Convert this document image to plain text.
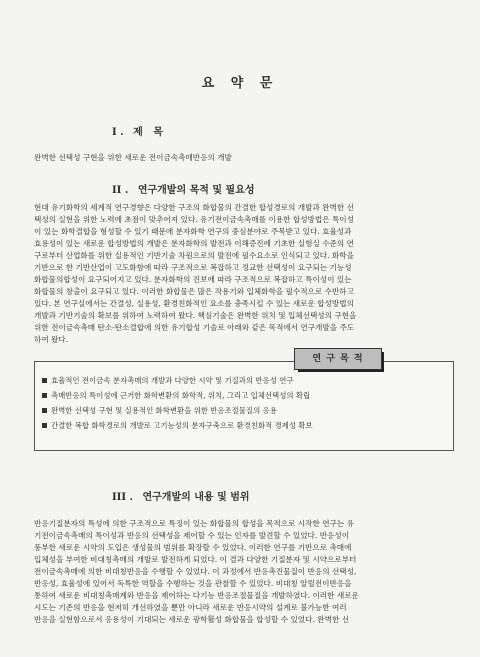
요 약 문
I . 제   목
완벽한 선택성 구현을 위한 새로운 전이금속촉매반응의 개발
II . 연구개발의 목적 및 필요성
현대 유기화학의 세계적 연구경향은 다양한 구조의 화합물의 간결한 합성경로의 개발과 완벽한 선
택성의 실현을 위한 노력에 초점이 맞추어져 있다. 유기전이금속촉매를 이용한 합성방법은 특이성
이 있는 화학결합을 형성할 수 있기 때문에 분자화학 연구의 중심분야로 주목받고 있다. 효율성과
효용성이 있는 새로운 합성방법의 개발은 분자화학의 발전과 이해증진에 기초한 실험실 수준의 연
구로부터 산업화를 위한 실용적인 기반기술 차원으로의 발전에 필수요소로 인식되고 있다. 화학을
기반으로 한 기반산업이 고도화함에 따라 구조적으로 복잡하고 정교한 선택성이 요구되는 기능성
화합물의합성이 요구되어지고 있다. 분자화학의 진보에 따라 구조적으로 복잡하고 특이성이 있는
화합물의 창출이 요구되고 있다. 이러한 화합물은 많은 작용기와 입체화학을 필수적으로 수반하고
있다. 본 연구실에서는 간결성, 실용성, 환경친화적인 요소를 충족시킬 수 있는 새로운 합성방법의
개발과 기반기술의 확보를 위하여 노력하여 왔다. 핵심기술은 완벽한 위치 및 입체선택성의 구현을
위한 전이금속촉매 탄소-탄소결합에 의한 유기합성 기술로 아래와 같은 목적에서 연구개발을 주도
하여 왔다.
연 구 목 적
효율적인 전이금속 분자촉매의 개발과 다양한 시약 및 기질과의 반응성 연구
촉매반응의 특이성에 근거한 화학변환의 화학적, 위치, 그리고 입체선택성의 확립
완벽한 선택성 구현 및 실용적인 화학변환을 위한 반응조절물질의 응용
간결한 복합 화학경로의 개발로 고기능성의 분자구축으로 환경친화적 경제성 확보
III . 연구개발의 내용 및 범위
반응기질분자의 특성에 의한 구조적으로 특징이 있는 화합물의 합성을 목적으로 시작한 연구는 유
기전이금속촉매의 특이성과 반응의 선택성을 제어할 수 있는 인자를 발견할 수 있었다. 반응성이
풍부한 새로운 시약의 도입은 생성물의 범위를 확장할 수 있었다. 이러한 연구를 기반으로 촉매에
입체성을 부여한 비대칭촉매의 개발로 발전하게 되었다. 이 결과 다양한 기질분자 및 시약으로부터
전이금속촉매에 의한 비대칭반응을 수행할 수 있었다. 이 과정에서 반응촉진물질이 반응의 선택성,
반응성, 효율성에 있어서 독특한 역할을 수행하는 것을 관찰할 수 있었다. 비대칭 알릴전이반응을
통하여 새로운 비대칭촉매계와 반응을 제어하는 다기능 반응조절물질을 개발하였다. 이러한 새로운
시도는 기존의 반응을 현저히 개선하였을 뿐만 아니라 새로운 반응시약의 설계로 불가능한 여러
반응을 실현함으로서 응용성이 기대되는 새로운 광학활성 화합물을 합성할 수 있었다. 완벽한 선
